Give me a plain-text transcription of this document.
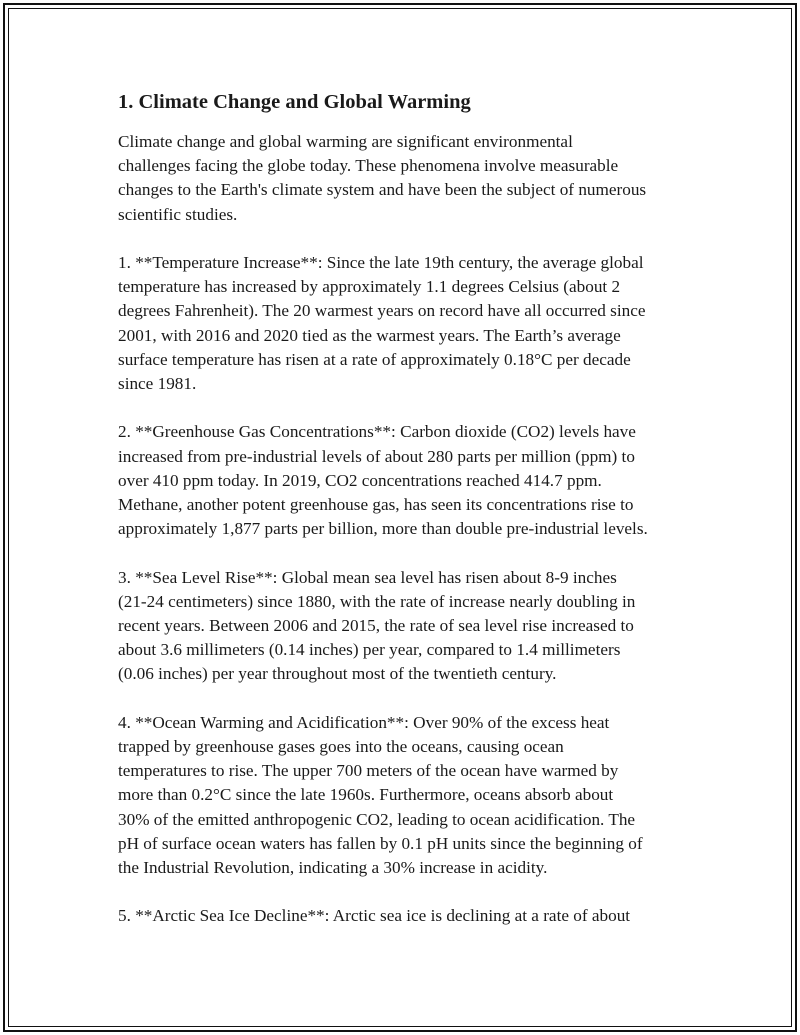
1. Climate Change and Global Warming
Climate change and global warming are significant environmental
challenges facing the globe today. These phenomena involve measurable
changes to the Earth's climate system and have been the subject of numerous
scientific studies.
1. **Temperature Increase**: Since the late 19th century, the average global
temperature has increased by approximately 1.1 degrees Celsius (about 2
degrees Fahrenheit). The 20 warmest years on record have all occurred since
2001, with 2016 and 2020 tied as the warmest years. The Earth’s average
surface temperature has risen at a rate of approximately 0.18°C per decade
since 1981.
2. **Greenhouse Gas Concentrations**: Carbon dioxide (CO2) levels have
increased from pre-industrial levels of about 280 parts per million (ppm) to
over 410 ppm today. In 2019, CO2 concentrations reached 414.7 ppm.
Methane, another potent greenhouse gas, has seen its concentrations rise to
approximately 1,877 parts per billion, more than double pre-industrial levels.
3. **Sea Level Rise**: Global mean sea level has risen about 8-9 inches
(21-24 centimeters) since 1880, with the rate of increase nearly doubling in
recent years. Between 2006 and 2015, the rate of sea level rise increased to
about 3.6 millimeters (0.14 inches) per year, compared to 1.4 millimeters
(0.06 inches) per year throughout most of the twentieth century.
4. **Ocean Warming and Acidification**: Over 90% of the excess heat
trapped by greenhouse gases goes into the oceans, causing ocean
temperatures to rise. The upper 700 meters of the ocean have warmed by
more than 0.2°C since the late 1960s. Furthermore, oceans absorb about
30% of the emitted anthropogenic CO2, leading to ocean acidification. The
pH of surface ocean waters has fallen by 0.1 pH units since the beginning of
the Industrial Revolution, indicating a 30% increase in acidity.
5. **Arctic Sea Ice Decline**: Arctic sea ice is declining at a rate of about
